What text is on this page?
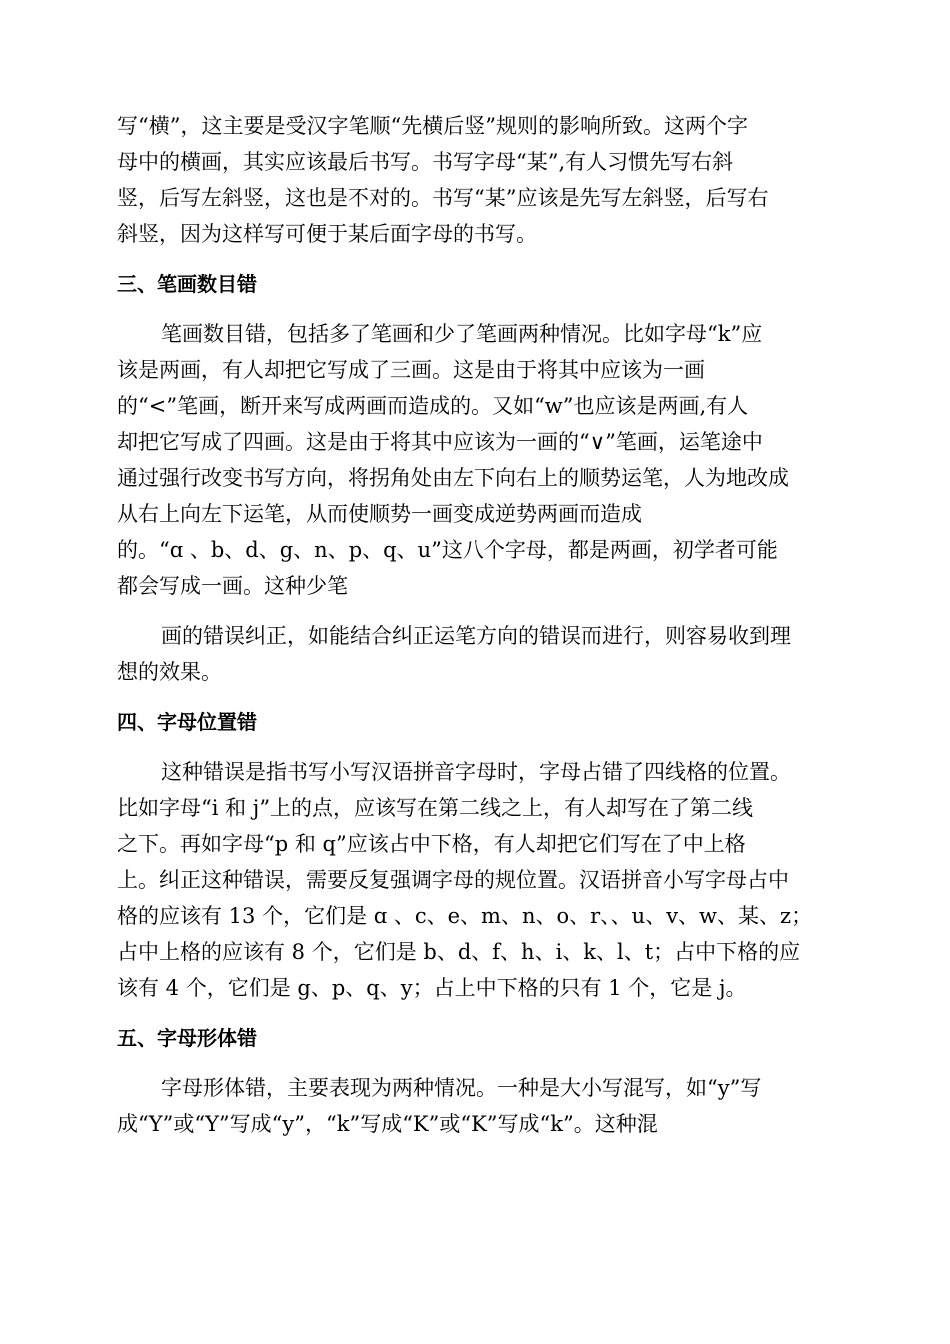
写“横”，这主要是受汉字笔顺“先横后竖”规则的影响所致。这两个字
母中的横画，其实应该最后书写。书写字母“某”,有人习惯先写右斜
竖，后写左斜竖，这也是不对的。书写“某”应该是先写左斜竖，后写右
斜竖，因为这样写可便于某后面字母的书写。
三、笔画数目错
笔画数目错，包括多了笔画和少了笔画两种情况。比如字母“k”应
该是两画，有人却把它写成了三画。这是由于将其中应该为一画
的“<”笔画，断开来写成两画而造成的。又如“w”也应该是两画,有人
却把它写成了四画。这是由于将其中应该为一画的“∨”笔画，运笔途中
通过强行改变书写方向，将拐角处由左下向右上的顺势运笔，人为地改成
从右上向左下运笔，从而使顺势一画变成逆势两画而造成
的。“ɑ 、b、d、g、n、p、q、u”这八个字母，都是两画，初学者可能
都会写成一画。这种少笔
画的错误纠正，如能结合纠正运笔方向的错误而进行，则容易收到理
想的效果。
四、字母位置错
这种错误是指书写小写汉语拼音字母时，字母占错了四线格的位置。
比如字母“i 和 j”上的点，应该写在第二线之上，有人却写在了第二线
之下。再如字母“p 和 q”应该占中下格，有人却把它们写在了中上格
上。纠正这种错误，需要反复强调字母的规位置。汉语拼音小写字母占中
格的应该有 13 个，它们是 ɑ 、c、e、m、n、o、r、、u、v、w、某、z；
占中上格的应该有 8 个，它们是 b、d、f、h、i、k、l、t；占中下格的应
该有 4 个，它们是 g、p、q、y；占上中下格的只有 1 个，它是 j。
五、字母形体错
字母形体错，主要表现为两种情况。一种是大小写混写，如“y”写
成“Y”或“Y”写成“y”，“k”写成“K”或“K”写成“k”。这种混
